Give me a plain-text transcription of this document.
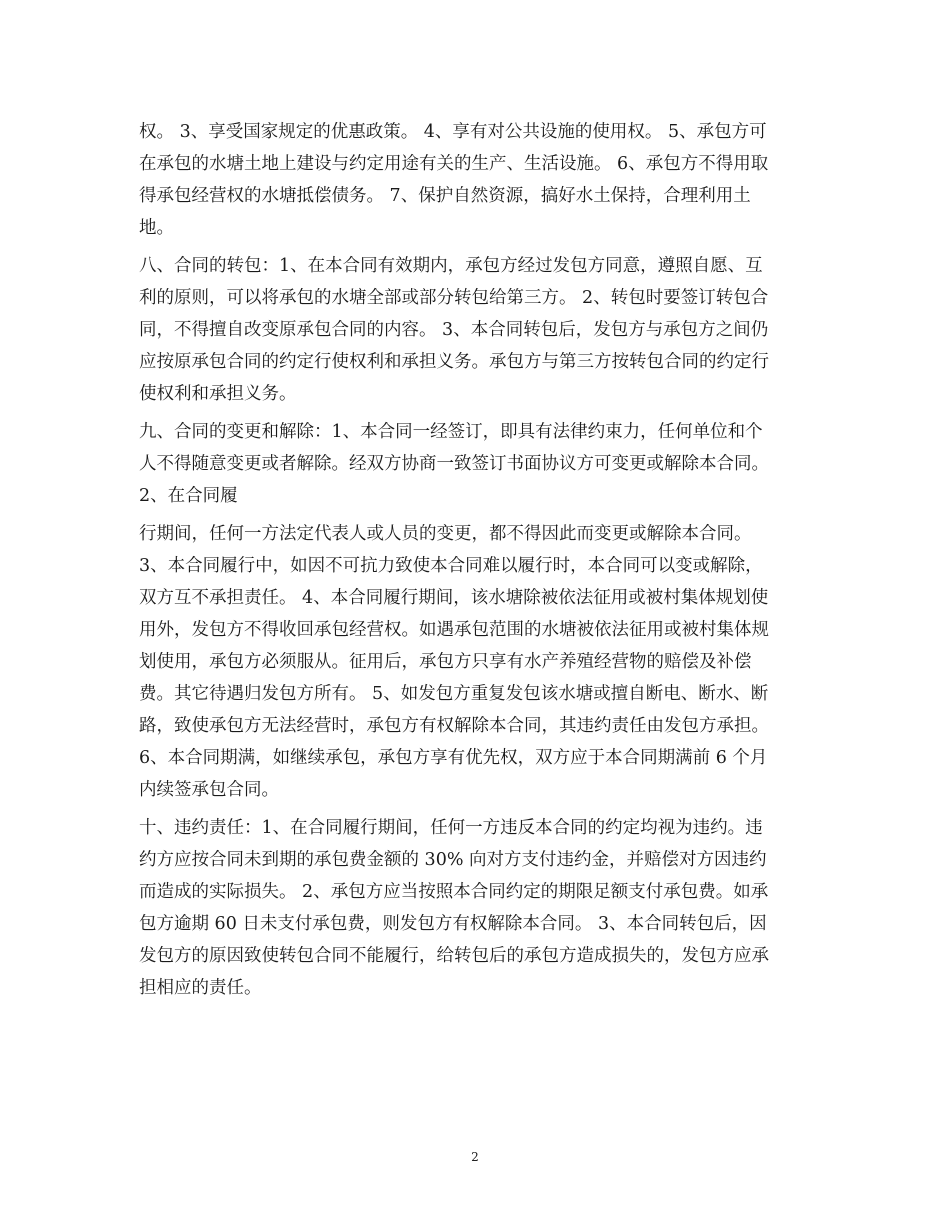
权。 3、享受国家规定的优惠政策。 4、享有对公共设施的使用权。 5、承包方可
在承包的水塘土地上建设与约定用途有关的生产、生活设施。 6、承包方不得用取
得承包经营权的水塘抵偿债务。 7、保护自然资源，搞好水土保持，合理利用土
地。
八、合同的转包：1、在本合同有效期内，承包方经过发包方同意，遵照自愿、互
利的原则，可以将承包的水塘全部或部分转包给第三方。 2、转包时要签订转包合
同，不得擅自改变原承包合同的内容。 3、本合同转包后，发包方与承包方之间仍
应按原承包合同的约定行使权利和承担义务。承包方与第三方按转包合同的约定行
使权利和承担义务。
九、合同的变更和解除：1、本合同一经签订，即具有法律约束力，任何单位和个
人不得随意变更或者解除。经双方协商一致签订书面协议方可变更或解除本合同。
2、在合同履
行期间，任何一方法定代表人或人员的变更，都不得因此而变更或解除本合同。
3、本合同履行中，如因不可抗力致使本合同难以履行时，本合同可以变或解除，
双方互不承担责任。 4、本合同履行期间，该水塘除被依法征用或被村集体规划使
用外，发包方不得收回承包经营权。如遇承包范围的水塘被依法征用或被村集体规
划使用，承包方必须服从。征用后，承包方只享有水产养殖经营物的赔偿及补偿
费。其它待遇归发包方所有。 5、如发包方重复发包该水塘或擅自断电、断水、断
路，致使承包方无法经营时，承包方有权解除本合同，其违约责任由发包方承担。
6、本合同期满，如继续承包，承包方享有优先权，双方应于本合同期满前 6 个月
内续签承包合同。
十、违约责任：1、在合同履行期间，任何一方违反本合同的约定均视为违约。违
约方应按合同未到期的承包费金额的 30% 向对方支付违约金，并赔偿对方因违约
而造成的实际损失。 2、承包方应当按照本合同约定的期限足额支付承包费。如承
包方逾期 60 日未支付承包费，则发包方有权解除本合同。 3、本合同转包后，因
发包方的原因致使转包合同不能履行，给转包后的承包方造成损失的，发包方应承
担相应的责任。
2
